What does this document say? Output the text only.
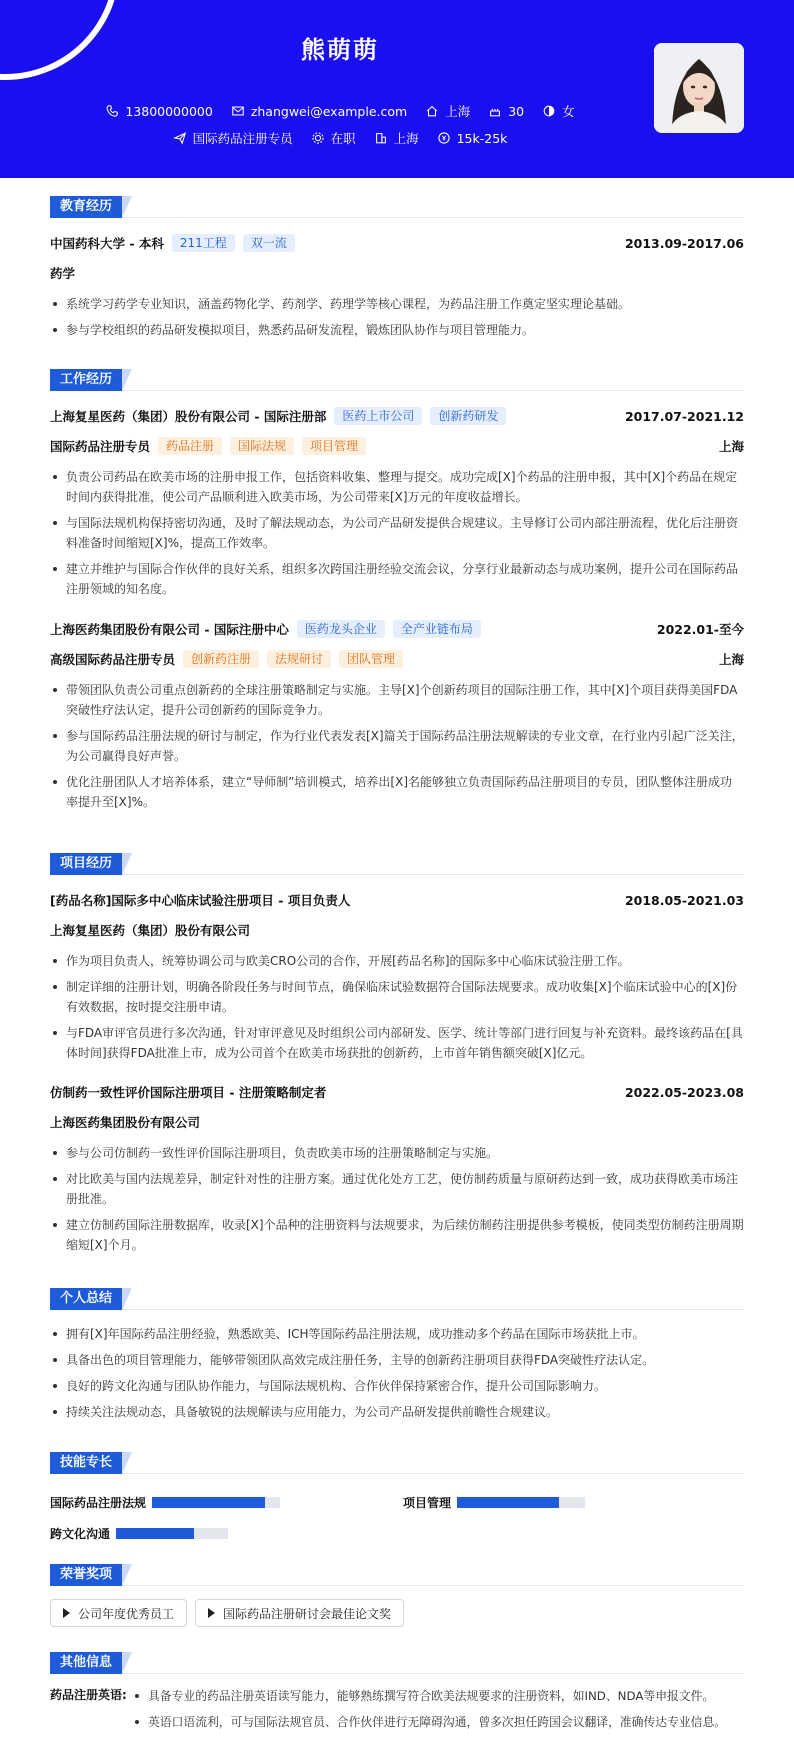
熊萌萌
13800000000	zhangwei@example.com	上海	30	女
国际药品注册专员	在职	上海	15k-25k
教育经历
中国药科大学 - 本科	211工程	双一流	2013.09-2017.06
药学
系统学习药学专业知识，涵盖药物化学、药剂学、药理学等核心课程，为药品注册工作奠定坚实理论基础。
参与学校组织的药品研发模拟项目，熟悉药品研发流程，锻炼团队协作与项目管理能力。
工作经历
上海复星医药（集团）股份有限公司 - 国际注册部	医药上市公司	创新药研发	2017.07-2021.12
国际药品注册专员	药品注册	国际法规	项目管理	上海
负责公司药品在欧美市场的注册申报工作，包括资料收集、整理与提交。成功完成[X]个药品的注册申报，其中[X]个药品在规定时间内获得批准，使公司产品顺利进入欧美市场，为公司带来[X]万元的年度收益增长。
与国际法规机构保持密切沟通，及时了解法规动态，为公司产品研发提供合规建议。主导修订公司内部注册流程，优化后注册资料准备时间缩短[X]%，提高工作效率。
建立并维护与国际合作伙伴的良好关系，组织多次跨国注册经验交流会议，分享行业最新动态与成功案例，提升公司在国际药品注册领域的知名度。
上海医药集团股份有限公司 - 国际注册中心	医药龙头企业	全产业链布局	2022.01-至今
高级国际药品注册专员	创新药注册	法规研讨	团队管理	上海
带领团队负责公司重点创新药的全球注册策略制定与实施。主导[X]个创新药项目的国际注册工作，其中[X]个项目获得美国FDA突破性疗法认定，提升公司创新药的国际竞争力。
参与国际药品注册法规的研讨与制定，作为行业代表发表[X]篇关于国际药品注册法规解读的专业文章，在行业内引起广泛关注，为公司赢得良好声誉。
优化注册团队人才培养体系，建立“导师制”培训模式，培养出[X]名能够独立负责国际药品注册项目的专员，团队整体注册成功率提升至[X]%。
项目经历
[药品名称]国际多中心临床试验注册项目 - 项目负责人	2018.05-2021.03
上海复星医药（集团）股份有限公司
作为项目负责人，统筹协调公司与欧美CRO公司的合作，开展[药品名称]的国际多中心临床试验注册工作。
制定详细的注册计划，明确各阶段任务与时间节点，确保临床试验数据符合国际法规要求。成功收集[X]个临床试验中心的[X]份有效数据，按时提交注册申请。
与FDA审评官员进行多次沟通，针对审评意见及时组织公司内部研发、医学、统计等部门进行回复与补充资料。最终该药品在[具体时间]获得FDA批准上市，成为公司首个在欧美市场获批的创新药，上市首年销售额突破[X]亿元。
仿制药一致性评价国际注册项目 - 注册策略制定者	2022.05-2023.08
上海医药集团股份有限公司
参与公司仿制药一致性评价国际注册项目，负责欧美市场的注册策略制定与实施。
对比欧美与国内法规差异，制定针对性的注册方案。通过优化处方工艺，使仿制药质量与原研药达到一致，成功获得欧美市场注册批准。
建立仿制药国际注册数据库，收录[X]个品种的注册资料与法规要求，为后续仿制药注册提供参考模板，使同类型仿制药注册周期缩短[X]个月。
个人总结
拥有[X]年国际药品注册经验，熟悉欧美、ICH等国际药品注册法规，成功推动多个药品在国际市场获批上市。
具备出色的项目管理能力，能够带领团队高效完成注册任务，主导的创新药注册项目获得FDA突破性疗法认定。
良好的跨文化沟通与团队协作能力，与国际法规机构、合作伙伴保持紧密合作，提升公司国际影响力。
持续关注法规动态，具备敏锐的法规解读与应用能力，为公司产品研发提供前瞻性合规建议。
技能专长
国际药品注册法规	项目管理
跨文化沟通
荣誉奖项
公司年度优秀员工	国际药品注册研讨会最佳论文奖
其他信息
药品注册英语:	具备专业的药品注册英语读写能力，能够熟练撰写符合欧美法规要求的注册资料，如IND、NDA等申报文件。
英语口语流利，可与国际法规官员、合作伙伴进行无障碍沟通，曾多次担任跨国会议翻译，准确传达专业信息。
